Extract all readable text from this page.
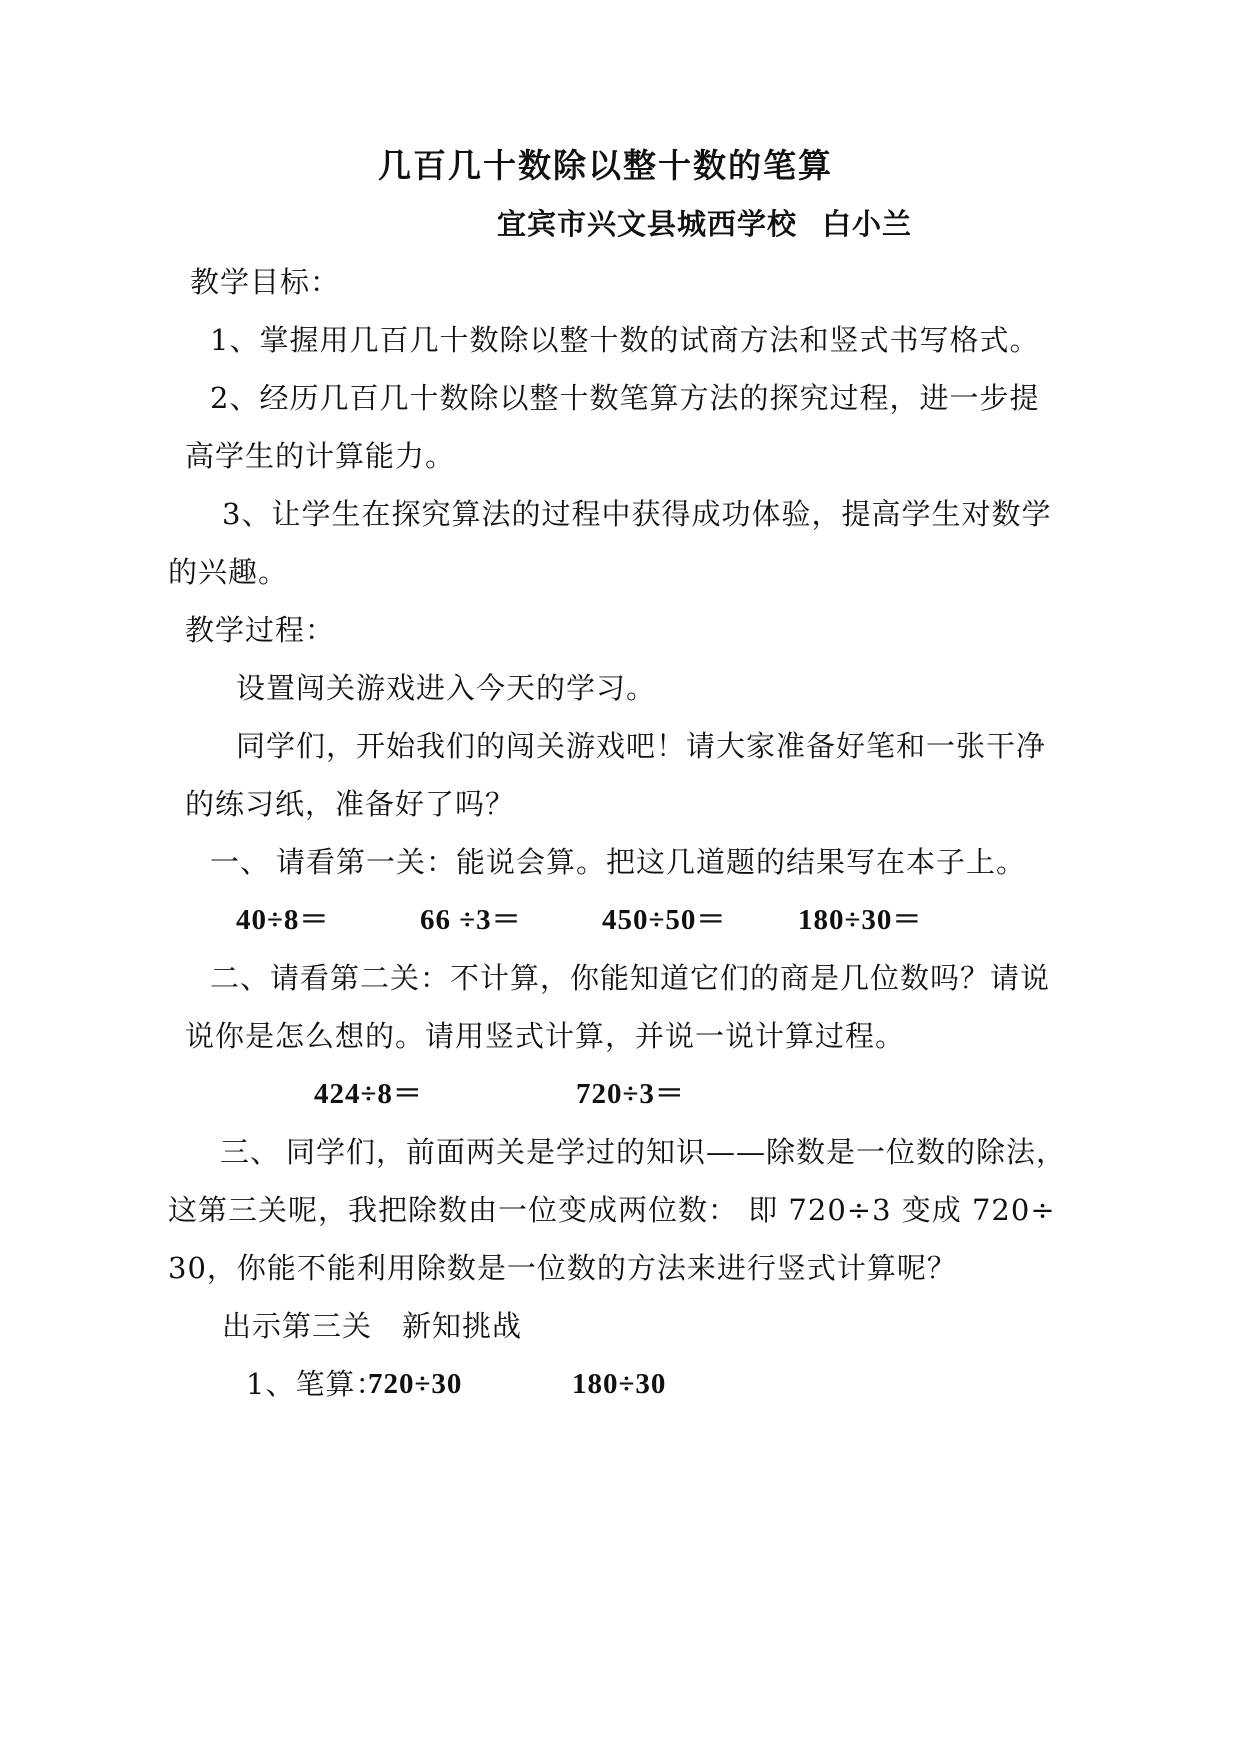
几百几十数除以整十数的笔算
宜宾市兴文县城西学校 白小兰
教学目标：
1、掌握用几百几十数除以整十数的试商方法和竖式书写格式。
2、经历几百几十数除以整十数笔算方法的探究过程，进一步提
高学生的计算能力。
3、让学生在探究算法的过程中获得成功体验，提高学生对数学
的兴趣。
教学过程：
设置闯关游戏进入今天的学习。
同学们，开始我们的闯关游戏吧！请大家准备好笔和一张干净
的练习纸，准备好了吗？
一、 请看第一关：能说会算。把这几道题的结果写在本子上。
40÷8＝	66 ÷3＝	450÷50＝ 180÷30＝
二、请看第二关：不计算，你能知道它们的商是几位数吗？请说
说你是怎么想的。请用竖式计算，并说一说计算过程。
424÷8＝	720÷3＝
三、 同学们，前面两关是学过的知识——除数是一位数的除法，
这第三关呢，我把除数由一位变成两位数： 即 720÷3 变成 720÷
30，你能不能利用除数是一位数的方法来进行竖式计算呢？
出示第三关　新知挑战
1、笔算：
720÷30	180÷30
